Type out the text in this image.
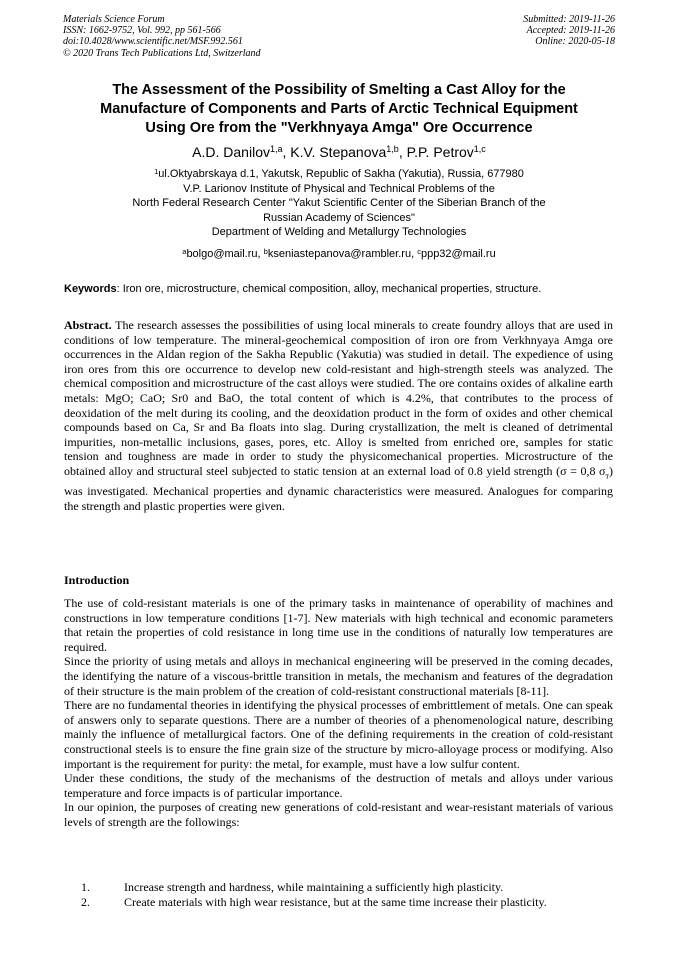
Materials Science Forum
ISSN: 1662-9752, Vol. 992, pp 561-566
doi:10.4028/www.scientific.net/MSF.992.561
© 2020 Trans Tech Publications Ltd, Switzerland
Submitted: 2019-11-26
Accepted: 2019-11-26
Online: 2020-05-18
The Assessment of the Possibility of Smelting a Cast Alloy for the
Manufacture of Components and Parts of Arctic Technical Equipment
Using Ore from the "Verkhnyaya Amga" Ore Occurrence
A.D. Danilov$^{1,a}$, K.V. Stepanova$^{1,b}$, P.P. Petrov$^{1,c}$
$^1$ul.Oktyabrskaya d.1, Yakutsk, Republic of Sakha (Yakutia), Russia, 677980
V.P. Larionov Institute of Physical and Technical Problems of the
North Federal Research Center "Yakut Scientific Center of the Siberian Branch of the
Russian Academy of Sciences"
Department of Welding and Metallurgy Technologies
$^a$bolgo@mail.ru, $^b$kseniastepanova@rambler.ru, $^c$ppp32@mail.ru
Keywords: Iron ore, microstructure, chemical composition, alloy, mechanical properties, structure.

Abstract. The research assesses the possibilities of using local minerals to create foundry alloys that are used in conditions of low temperature. The mineral-geochemical composition of iron ore from Verkhnyaya Amga ore occurrences in the Aldan region of the Sakha Republic (Yakutia) was studied in detail. The expedience of using iron ores from this ore occurrence to develop new cold-resistant and high-strength steels was analyzed. The chemical composition and microstructure of the cast alloys were studied. The ore contains oxides of alkaline earth metals: MgO; CaO; Sr0 and BaO, the total content of which is 4.2%, that contributes to the process of deoxidation of the melt during its cooling, and the deoxidation product in the form of oxides and other chemical compounds based on Ca, Sr and Ba floats into slag. During crystallization, the melt is cleaned of detrimental impurities, non-metallic inclusions, gases, pores, etc. Alloy is smelted from enriched ore, samples for static tension and toughness are made in order to study the physicomechanical properties. Microstructure of the obtained alloy and structural steel subjected to static tension at an external load of 0.8 yield strength (σ = 0,8 $\sigma_т$) was investigated. Mechanical properties and dynamic characteristics were measured. Analogues for comparing the strength and plastic properties were given.

Introduction

The use of cold-resistant materials is one of the primary tasks in maintenance of operability of machines and constructions in low temperature conditions [1-7]. New materials with high technical and economic parameters that retain the properties of cold resistance in long time use in the conditions of naturally low temperatures are required.

Since the priority of using metals and alloys in mechanical engineering will be preserved in the coming decades, the identifying the nature of a viscous-brittle transition in metals, the mechanism and features of the degradation of their structure is the main problem of the creation of cold-resistant constructional materials [8-11].

There are no fundamental theories in identifying the physical processes of embrittlement of metals. One can speak of answers only to separate questions. There are a number of theories of a phenomenological nature, describing mainly the influence of metallurgical factors. One of the defining requirements in the creation of cold-resistant constructional steels is to ensure the fine grain size of the structure by micro-alloyage process or modifying. Also important is the requirement for purity: the metal, for example, must have a low sulfur content.

Under these conditions, the study of the mechanisms of the destruction of metals and alloys under various temperature and force impacts is of particular importance.

In our opinion, the purposes of creating new generations of cold-resistant and wear-resistant materials of various levels of strength are the followings:

1.	Increase strength and hardness, while maintaining a sufficiently high plasticity.
2.	Create materials with high wear resistance, but at the same time increase their plasticity.
